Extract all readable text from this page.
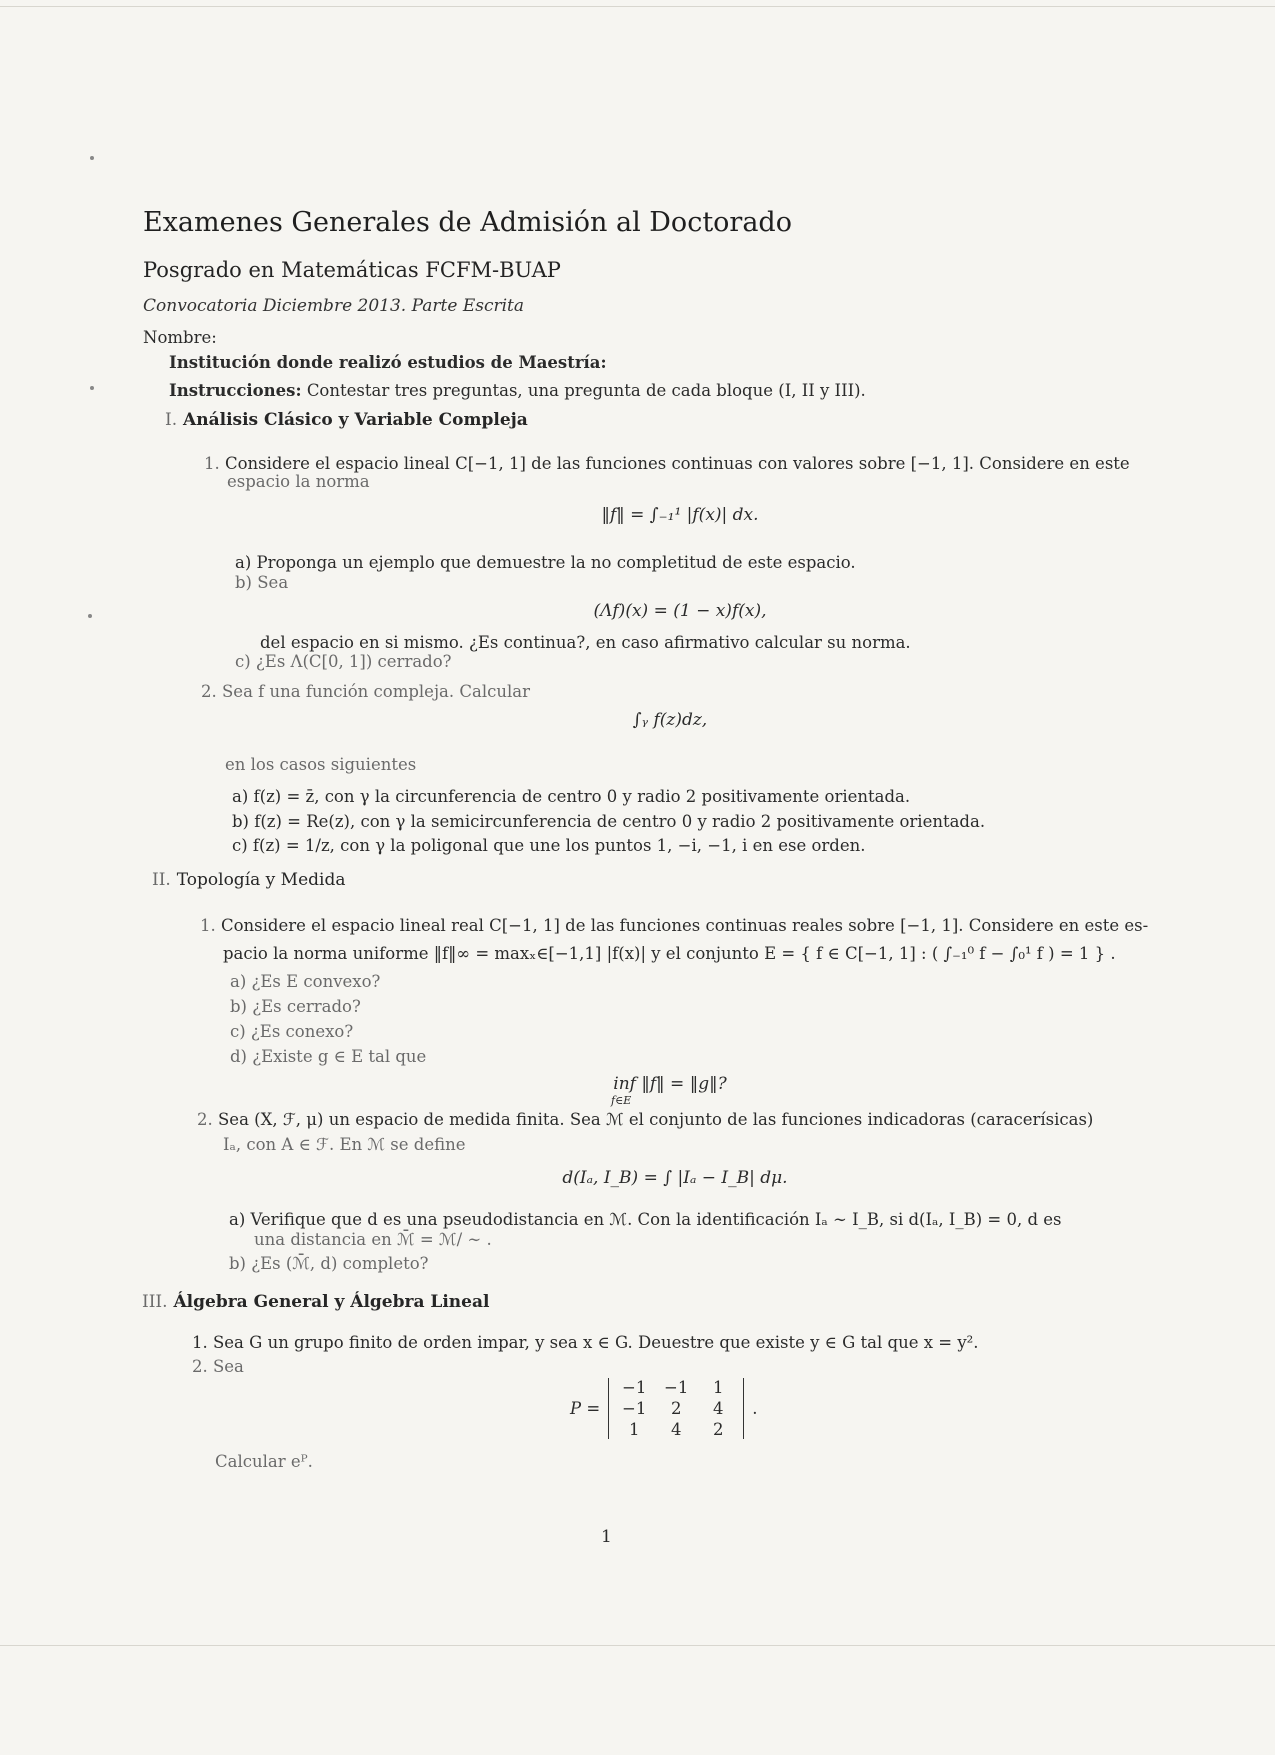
Examenes Generales de Admisión al Doctorado
Posgrado en Matemáticas FCFM-BUAP
Convocatoria Diciembre 2013. Parte Escrita
Nombre:
Institución donde realizó estudios de Maestría:
Instrucciones: Contestar tres preguntas, una pregunta de cada bloque (I, II y III).
I. Análisis Clásico y Variable Compleja
1. Considere el espacio lineal C[−1, 1] de las funciones continuas con valores sobre [−1, 1]. Considere en este
espacio la norma
‖f‖ = ∫₋₁¹ |f(x)| dx.
a) Proponga un ejemplo que demuestre la no completitud de este espacio.
b) Sea
(Λf)(x) = (1 − x)f(x),
del espacio en si mismo. ¿Es continua?, en caso afirmativo calcular su norma.
c) ¿Es Λ(C[0, 1]) cerrado?
2. Sea f una función compleja. Calcular
∫ᵧ f(z)dz,
en los casos siguientes
a) f(z) = z̄, con γ la circunferencia de centro 0 y radio 2 positivamente orientada.
b) f(z) = Re(z), con γ la semicircunferencia de centro 0 y radio 2 positivamente orientada.
c) f(z) = 1/z, con γ la poligonal que une los puntos 1, −i, −1, i en ese orden.
II. Topología y Medida
1. Considere el espacio lineal real C[−1, 1] de las funciones continuas reales sobre [−1, 1]. Considere en este es-
pacio la norma uniforme ‖f‖∞ = maxₓ∈[−1,1] |f(x)| y el conjunto E = { f ∈ C[−1, 1] : ( ∫₋₁⁰ f − ∫₀¹ f ) = 1 } .
a) ¿Es E convexo?
b) ¿Es cerrado?
c) ¿Es conexo?
d) ¿Existe g ∈ E tal que
inf ‖f‖ = ‖g‖?
f∈E
2. Sea (X, ℱ, μ) un espacio de medida finita. Sea ℳ el conjunto de las funciones indicadoras (caracerísicas)
Iₐ, con A ∈ ℱ. En ℳ se define
d(Iₐ, I_B) = ∫ |Iₐ − I_B| dμ.
a) Verifique que d es una pseudodistancia en ℳ. Con la identificación Iₐ ∼ I_B, si d(Iₐ, I_B) = 0, d es
una distancia en ℳ̄ = ℳ/ ∼ .
b) ¿Es (ℳ̄, d) completo?
III. Álgebra General y Álgebra Lineal
1. Sea G un grupo finito de orden impar, y sea x ∈ G. Deuestre que existe y ∈ G tal que x = y².
2. Sea
P =
−1	−1	1
−1	2	4
1	4	2
.
Calcular eᴾ.
1
